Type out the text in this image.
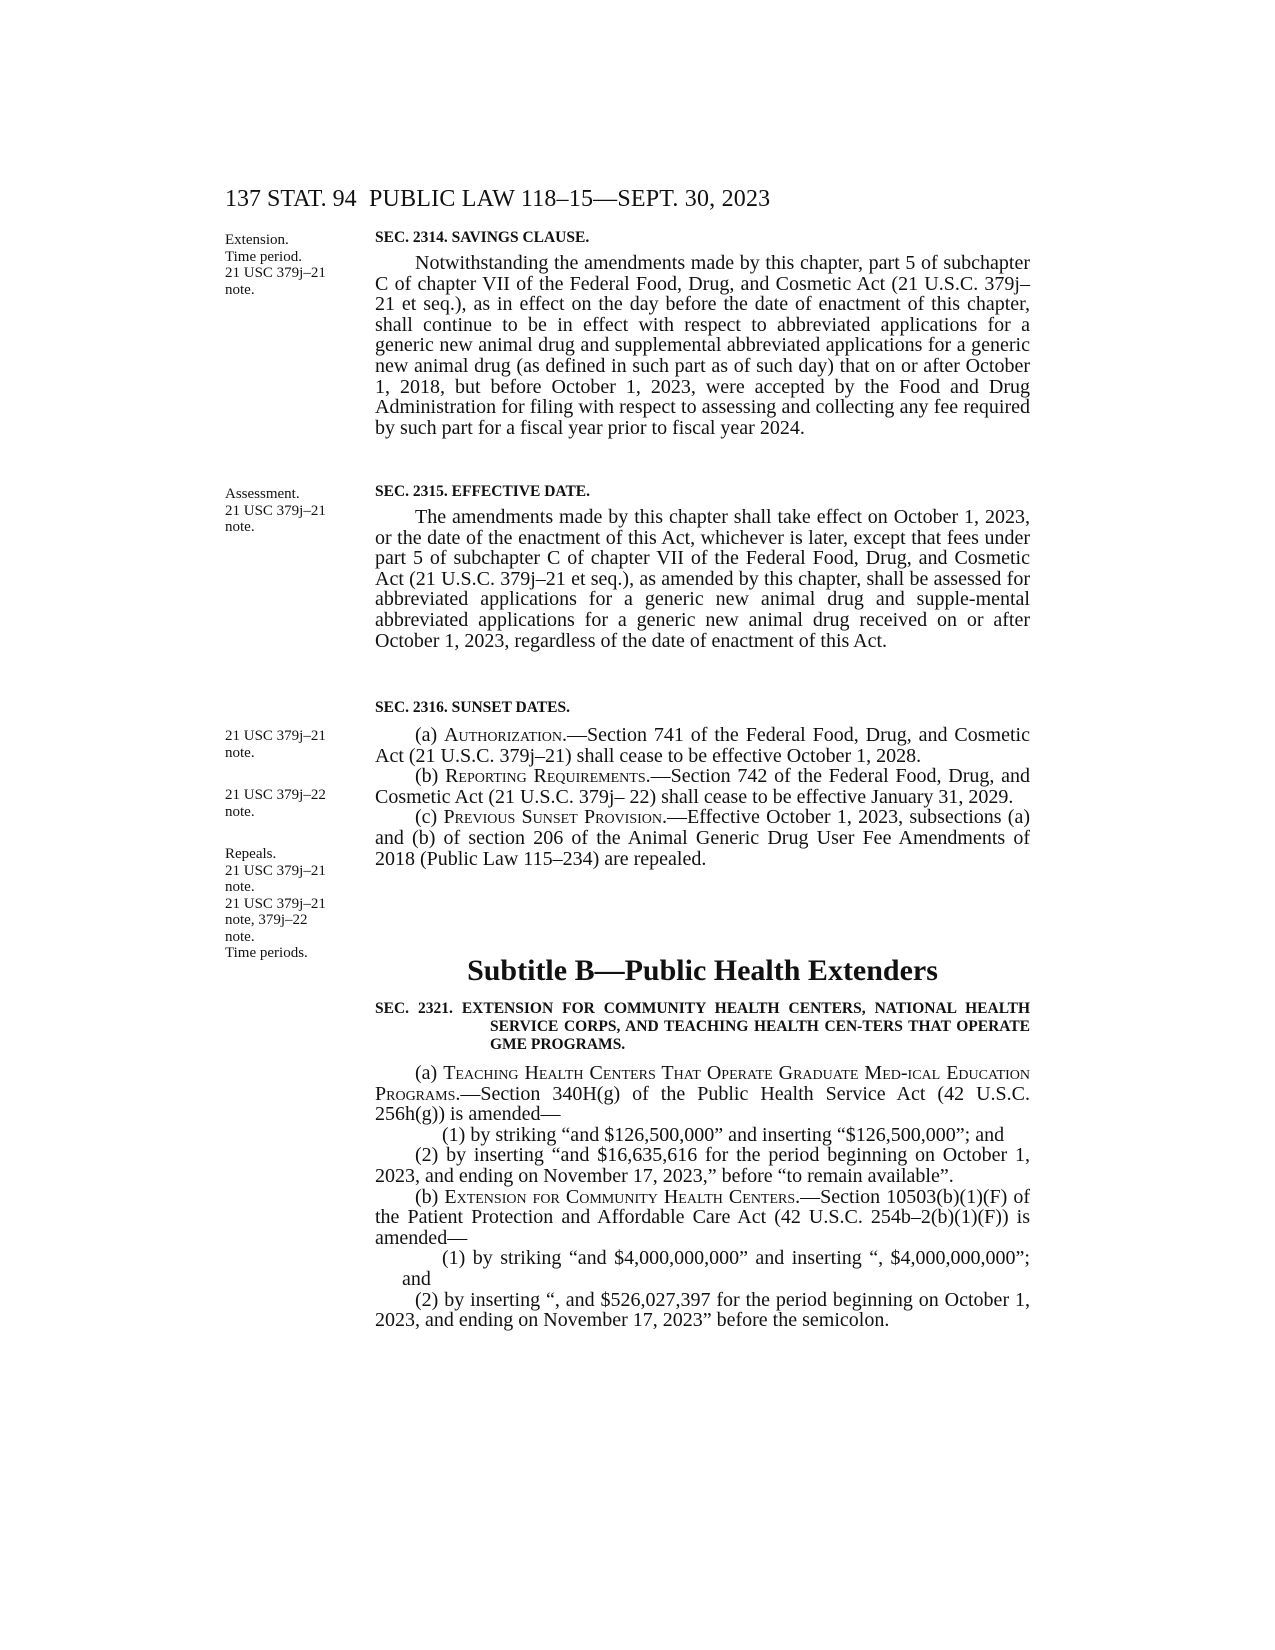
137 STAT. 94 PUBLIC LAW 118–15—SEPT. 30, 2023
Extension.
Time period.
21 USC 379j–21
note.
Assessment.
21 USC 379j–21
note.
21 USC 379j–21
note.
21 USC 379j–22
note.
Repeals.
21 USC 379j–21
note.
21 USC 379j–21
note, 379j–22
note.
Time periods.

SEC. 2314. SAVINGS CLAUSE.

Notwithstanding the amendments made by this chapter, part 5 of subchapter C of chapter VII of the Federal Food, Drug, and Cosmetic Act (21 U.S.C. 379j–21 et seq.), as in effect on the day before the date of enactment of this chapter, shall continue to be in effect with respect to abbreviated applications for a generic new animal drug and supplemental abbreviated applications for a generic new animal drug (as defined in such part as of such day) that on or after October 1, 2018, but before October 1, 2023, were accepted by the Food and Drug Administration for filing with respect to assessing and collecting any fee required by such part for a fiscal year prior to fiscal year 2024.

SEC. 2315. EFFECTIVE DATE.

The amendments made by this chapter shall take effect on October 1, 2023, or the date of the enactment of this Act, whichever is later, except that fees under part 5 of subchapter C of chapter VII of the Federal Food, Drug, and Cosmetic Act (21 U.S.C. 379j–21 et seq.), as amended by this chapter, shall be assessed for abbreviated applications for a generic new animal drug and supple-mental abbreviated applications for a generic new animal drug received on or after October 1, 2023, regardless of the date of enactment of this Act.

SEC. 2316. SUNSET DATES.

(a) Authorization.—Section 741 of the Federal Food, Drug, and Cosmetic Act (21 U.S.C. 379j–21) shall cease to be effective October 1, 2028.

(b) Reporting Requirements.—Section 742 of the Federal Food, Drug, and Cosmetic Act (21 U.S.C. 379j– 22) shall cease to be effective January 31, 2029.

(c) Previous Sunset Provision.—Effective October 1, 2023, subsections (a) and (b) of section 206 of the Animal Generic Drug User Fee Amendments of 2018 (Public Law 115–234) are repealed.

Subtitle B—Public Health Extenders

SEC. 2321. EXTENSION FOR COMMUNITY HEALTH CENTERS, NATIONAL HEALTH SERVICE CORPS, AND TEACHING HEALTH CEN-TERS THAT OPERATE GME PROGRAMS.

(a) Teaching Health Centers That Operate Graduate Med-ical Education Programs.—Section 340H(g) of the Public Health Service Act (42 U.S.C. 256h(g)) is amended—

(1) by striking “and $126,500,000” and inserting “$126,500,000”; and

(2) by inserting “and $16,635,616 for the period beginning on October 1, 2023, and ending on November 17, 2023,” before “to remain available”.

(b) Extension for Community Health Centers.—Section 10503(b)(1)(F) of the Patient Protection and Affordable Care Act (42 U.S.C. 254b–2(b)(1)(F)) is amended—

(1) by striking “and $4,000,000,000” and inserting “, $4,000,000,000”; and

(2) by inserting “, and $526,027,397 for the period beginning on October 1, 2023, and ending on November 17, 2023” before the semicolon.
